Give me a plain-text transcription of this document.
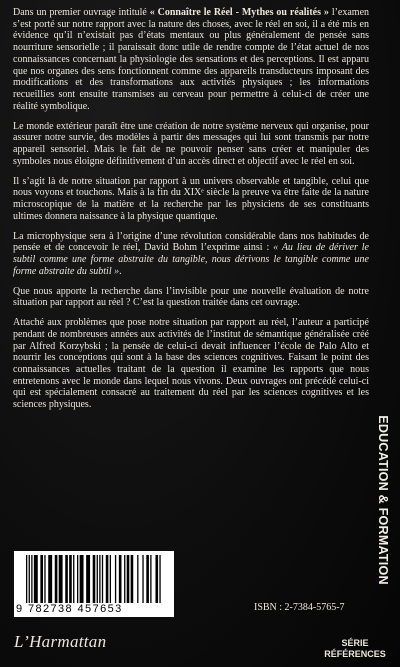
Dans un premier ouvrage intitulé « Connaître le Réel - Mythes ou réalités » l’examen s’est porté sur notre rapport avec la nature des choses, avec le réel en soi, il a été mis en évidence qu’il n’existait pas d’états mentaux ou plus généralement de pensée sans nourriture sensorielle ; il paraissait donc utile de rendre compte de l’état actuel de nos connaissances concernant la physiologie des sensations et des perceptions. Il est apparu que nos organes des sens fonctionnent comme des appareils transducteurs imposant des modifications et des transformations aux activités physiques ; les informations recueillies sont ensuite transmises au cerveau pour permettre à celui-ci de créer une réalité symbolique.

Le monde extérieur paraît être une création de notre système nerveux qui organise, pour assurer notre survie, des modèles à partir des messages qui lui sont transmis par notre appareil sensoriel. Mais le fait de ne pouvoir penser sans créer et manipuler des symboles nous éloigne définitivement d’un accès direct et objectif avec le réel en soi.

Il s’agit là de notre situation par rapport à un univers observable et tangible, celui que nous voyons et touchons. Mais à la fin du XIXᵉ siècle la preuve va être faite de la nature microscopique de la matière et la recherche par les physiciens de ses constituants ultimes donnera naissance à la physique quantique.

La microphysique sera à l’origine d’une révolution considérable dans nos habitudes de pensée et de concevoir le réel, David Bohm l’exprime ainsi : « Au lieu de dériver le subtil comme une forme abstraite du tangible, nous dérivons le tangible comme une forme abstraite du subtil ».

Que nous apporte la recherche dans l’invisible pour une nouvelle évaluation de notre situation par rapport au réel ? C’est la question traitée dans cet ouvrage.

Attaché aux problèmes que pose notre situation par rapport au réel, l’auteur a participé pendant de nombreuses années aux activités de l’institut de sémantique généralisée créé par Alfred Korzybski ; la pensée de celui-ci devait influencer l’école de Palo Alto et nourrir les conceptions qui sont à la base des sciences cognitives. Faisant le point des connaissances actuelles traitant de la question il examine les rapports que nous entretenons avec le monde dans lequel nous vivons. Deux ouvrages ont précédé celui-ci qui est spécialement consacré au traitement du réel par les sciences cognitives et les sciences physiques.

EDUCATION & FORMATION
9 782738 457653	ISBN : 2-7384-5765-7
L’Harmattan	SÉRIE
RÉFÉRENCES
